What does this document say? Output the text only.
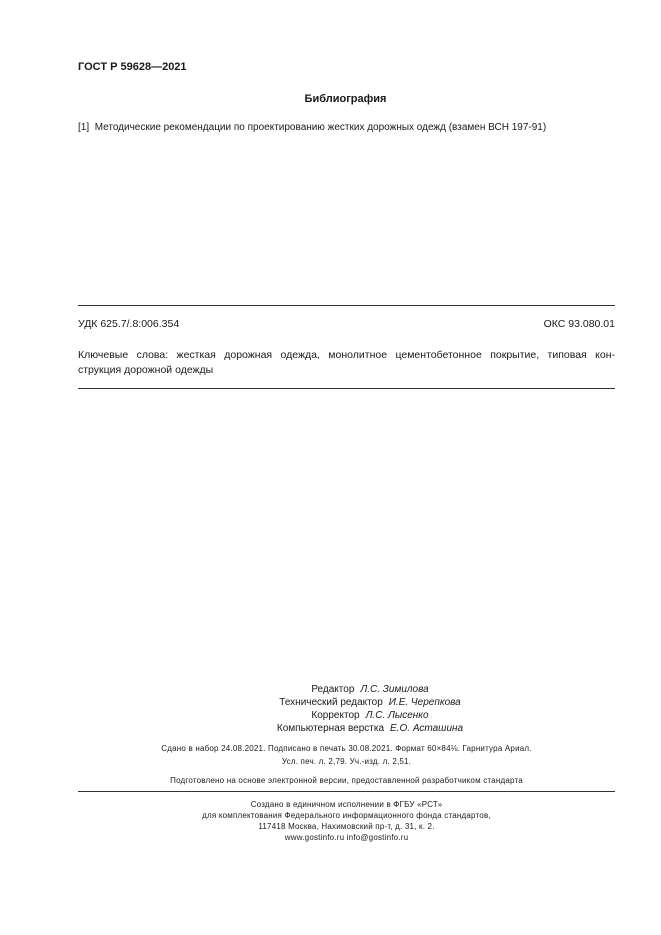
ГОСТ Р 59628—2021
Библиография
[1] Методические рекомендации по проектированию жестких дорожных одежд (взамен ВСН 197-91)
УДК 625.7/.8:006.354	ОКС 93.080.01
Ключевые слова: жесткая дорожная одежда, монолитное цементобетонное покрытие, типовая кон-
струкция дорожной одежды
Редактор Л.С. Зимилова
Технический редактор И.Е. Черепкова
Корректор Л.С. Лысенко
Компьютерная верстка Е.О. Асташина
Сдано в набор 24.08.2021. Подписано в печать 30.08.2021. Формат 60×84⅛. Гарнитура Ариал.
Усл. печ. л. 2,79. Уч.-изд. л. 2,51.
Подготовлено на основе электронной версии, предоставленной разработчиком стандарта
Создано в единичном исполнении в ФГБУ «РСТ»
для комплектования Федерального информационного фонда стандартов,
117418 Москва, Нахимовский пр-т, д. 31, к. 2.
www.gostinfo.ru info@gostinfo.ru
